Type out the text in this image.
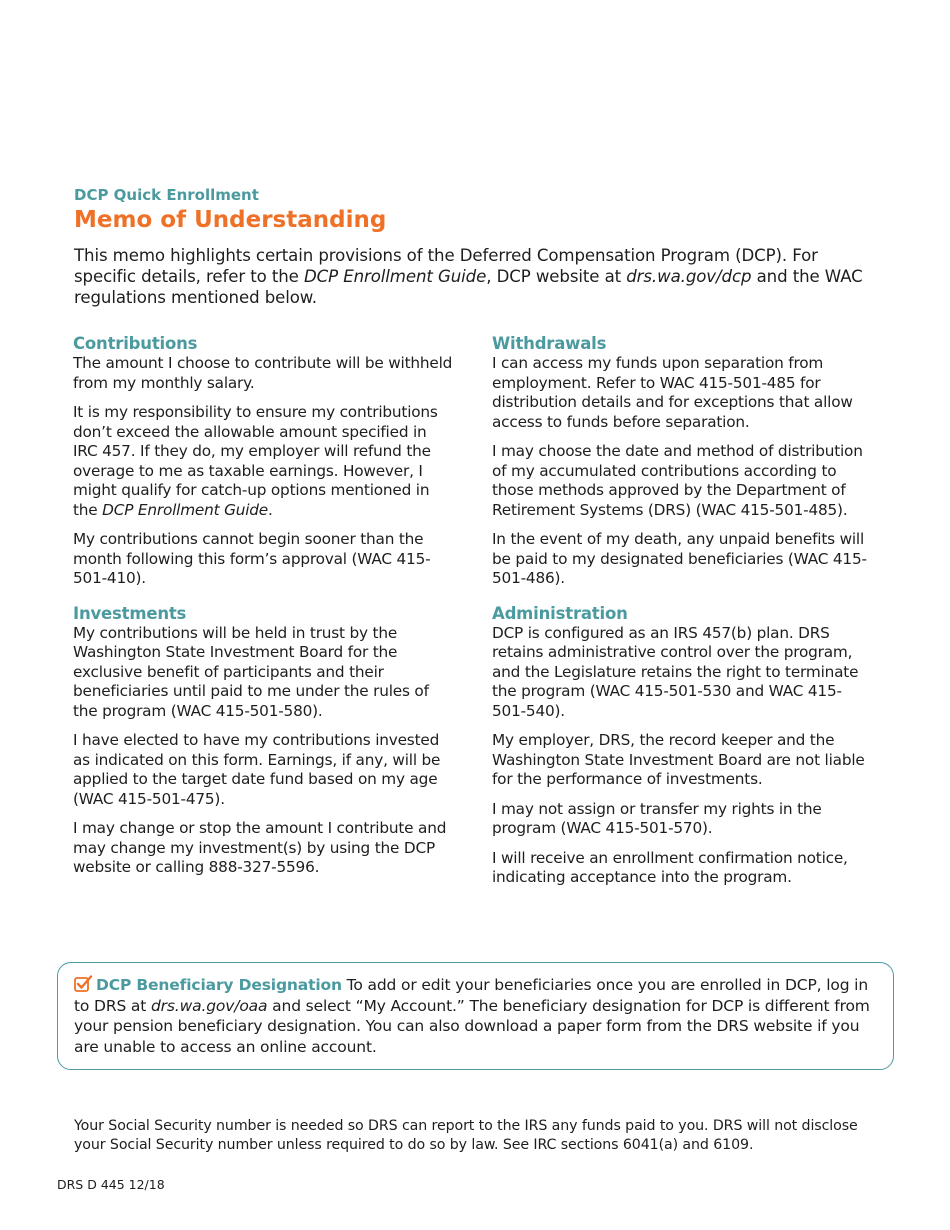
DCP Quick Enrollment
Memo of Understanding

This memo highlights certain provisions of the Deferred Compensation Program (DCP). For specific details, refer to the DCP Enrollment Guide, DCP website at drs.wa.gov/dcp and the WAC regulations mentioned below.

Contributions

The amount I choose to contribute will be withheld from my monthly salary.

It is my responsibility to ensure my contributions don’t exceed the allowable amount specified in IRC 457. If they do, my employer will refund the overage to me as taxable earnings. However, I might qualify for catch-up options mentioned in the DCP Enrollment Guide.

My contributions cannot begin sooner than the month following this form’s approval (WAC 415-501-410).

Investments

My contributions will be held in trust by the Washington State Investment Board for the exclusive benefit of participants and their beneficiaries until paid to me under the rules of the program (WAC 415-501-580).

I have elected to have my contributions invested as indicated on this form. Earnings, if any, will be applied to the target date fund based on my age (WAC 415-501-475).

I may change or stop the amount I contribute and may change my investment(s) by using the DCP website or calling 888-327-5596.

Withdrawals

I can access my funds upon separation from employment. Refer to WAC 415-501-485 for distribution details and for exceptions that allow access to funds before separation.

I may choose the date and method of distribution of my accumulated contributions according to those methods approved by the Department of Retirement Systems (DRS) (WAC 415-501-485).

In the event of my death, any unpaid benefits will be paid to my designated beneficiaries (WAC 415-501-486).

Administration

DCP is configured as an IRS 457(b) plan. DRS retains administrative control over the program, and the Legislature retains the right to terminate the program (WAC 415-501-530 and WAC 415-501-540).

My employer, DRS, the record keeper and the Washington State Investment Board are not liable for the performance of investments.

I may not assign or transfer my rights in the program (WAC 415-501-570).

I will receive an enrollment confirmation notice, indicating acceptance into the program.

DCP Beneficiary Designation To add or edit your beneficiaries once you are enrolled in DCP, log in to DRS at drs.wa.gov/oaa and select “My Account.” The beneficiary designation for DCP is different from your pension beneficiary designation. You can also download a paper form from the DRS website if you are unable to access an online account.

Your Social Security number is needed so DRS can report to the IRS any funds paid to you. DRS will not disclose your Social Security number unless required to do so by law. See IRC sections 6041(a) and 6109.

DRS D 445 12/18
